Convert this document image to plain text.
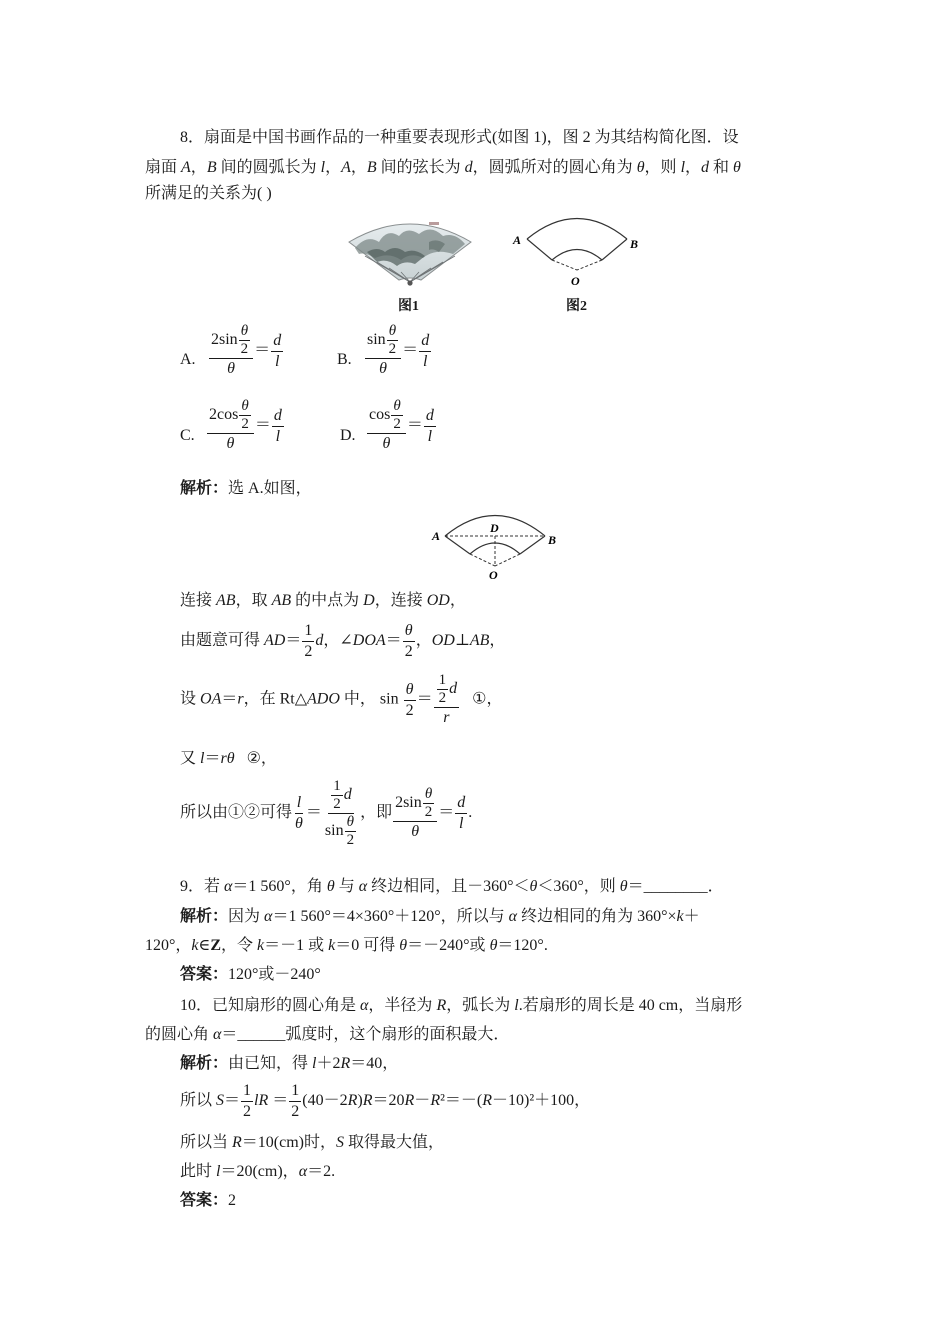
8．扇面是中国书画作品的一种重要表现形式(如图 1)，图 2 为其结构简化图．设
扇面 A，B 间的圆弧长为 l，A，B 间的弦长为 d，圆弧所对的圆心角为 θ，则 l，d 和 θ
所满足的关系为( )
图1
A	B
O
图2
A. $\frac{2\sin \frac{\theta}{2}}{\theta} = \frac{d}{l}$	B. $\frac{\sin \frac{\theta}{2}}{\theta} = \frac{d}{l}$
C. $\frac{2\cos \frac{\theta}{2}}{\theta} = \frac{d}{l}$	D. $\frac{\cos \frac{\theta}{2}}{\theta} = \frac{d}{l}$
解析：选 A.如图，
A	B
D
O
连接 AB，取 AB 的中点为 D，连接 OD，
由题意可得 $AD= \frac{1}{2}$ d，∠DOA＝ $\frac{\theta}{2}$ ，OD⊥AB，
设 OA＝r，在 Rt△ADO 中， $\sin \frac{\theta}{2} = \frac{\frac{1}{2} d}{r}$ ①，
又 l＝rθ ②，
所以由①②可得 $\frac{l}{\theta} = \frac{\frac{1}{2} d}{\sin \frac{\theta}{2}}$ ，即 $\frac{2\sin \frac{\theta}{2}}{\theta} = \frac{d}{l}$ .
9．若 α＝1 560°，角 θ 与 α 终边相同，且－360°＜θ＜360°，则 θ＝________．
解析：因为 α＝1 560°＝4×360°＋120°，所以与 α 终边相同的角为 360°×k＋
120°，k∈Z，令 k＝－1 或 k＝0 可得 θ＝－240°或 θ＝120°.
答案：120°或－240°
10．已知扇形的圆心角是 α，半径为 R，弧长为 l.若扇形的周长是 40 cm，当扇形
的圆心角 α＝______弧度时，这个扇形的面积最大．
解析：由已知，得 l＋2R＝40，
所以 $S= \frac{1}{2}$ lR ＝ $\frac{1}{2} (40-2R)R=20R-R^2=-(R-10)^2+100$，
所以当 R＝10(cm)时，S 取得最大值，
此时 l＝20(cm)，α＝2.
答案：2
